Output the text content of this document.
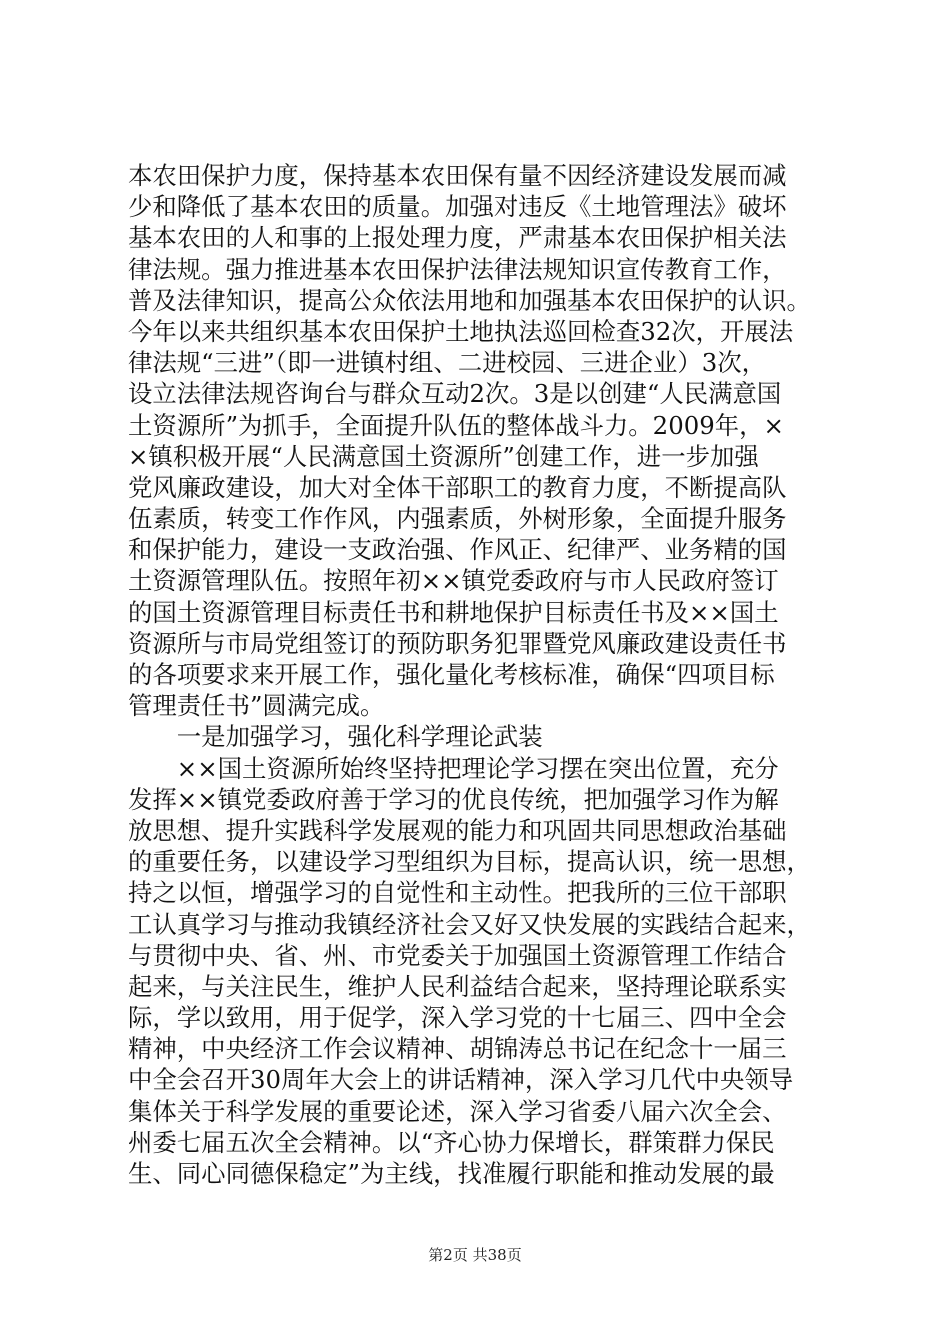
本农田保护力度，保持基本农田保有量不因经济建设发展而减
少和降低了基本农田的质量。加强对违反《土地管理法》破坏
基本农田的人和事的上报处理力度，严肃基本农田保护相关法
律法规。强力推进基本农田保护法律法规知识宣传教育工作，
普及法律知识，提高公众依法用地和加强基本农田保护的认识。
今年以来共组织基本农田保护土地执法巡回检查32次，开展法
律法规“三进”（即一进镇村组、二进校园、三进企业）3次，
设立法律法规咨询台与群众互动2次。3是以创建“人民满意国
土资源所”为抓手，全面提升队伍的整体战斗力。2009年，×
×镇积极开展“人民满意国土资源所”创建工作，进一步加强
党风廉政建设，加大对全体干部职工的教育力度，不断提高队
伍素质，转变工作作风，内强素质，外树形象，全面提升服务
和保护能力，建设一支政治强、作风正、纪律严、业务精的国
土资源管理队伍。按照年初××镇党委政府与市人民政府签订
的国土资源管理目标责任书和耕地保护目标责任书及××国土
资源所与市局党组签订的预防职务犯罪暨党风廉政建设责任书
的各项要求来开展工作，强化量化考核标准，确保“四项目标
管理责任书”圆满完成。
　　一是加强学习，强化科学理论武装
　　××国土资源所始终坚持把理论学习摆在突出位置，充分
发挥××镇党委政府善于学习的优良传统，把加强学习作为解
放思想、提升实践科学发展观的能力和巩固共同思想政治基础
的重要任务，以建设学习型组织为目标，提高认识，统一思想，
持之以恒，增强学习的自觉性和主动性。把我所的三位干部职
工认真学习与推动我镇经济社会又好又快发展的实践结合起来，
与贯彻中央、省、州、市党委关于加强国土资源管理工作结合
起来，与关注民生，维护人民利益结合起来，坚持理论联系实
际，学以致用，用于促学，深入学习党的十七届三、四中全会
精神，中央经济工作会议精神、胡锦涛总书记在纪念十一届三
中全会召开30周年大会上的讲话精神，深入学习几代中央领导
集体关于科学发展的重要论述，深入学习省委八届六次全会、
州委七届五次全会精神。以“齐心协力保增长，群策群力保民
生、同心同德保稳定”为主线，找准履行职能和推动发展的最
第2页 共38页
